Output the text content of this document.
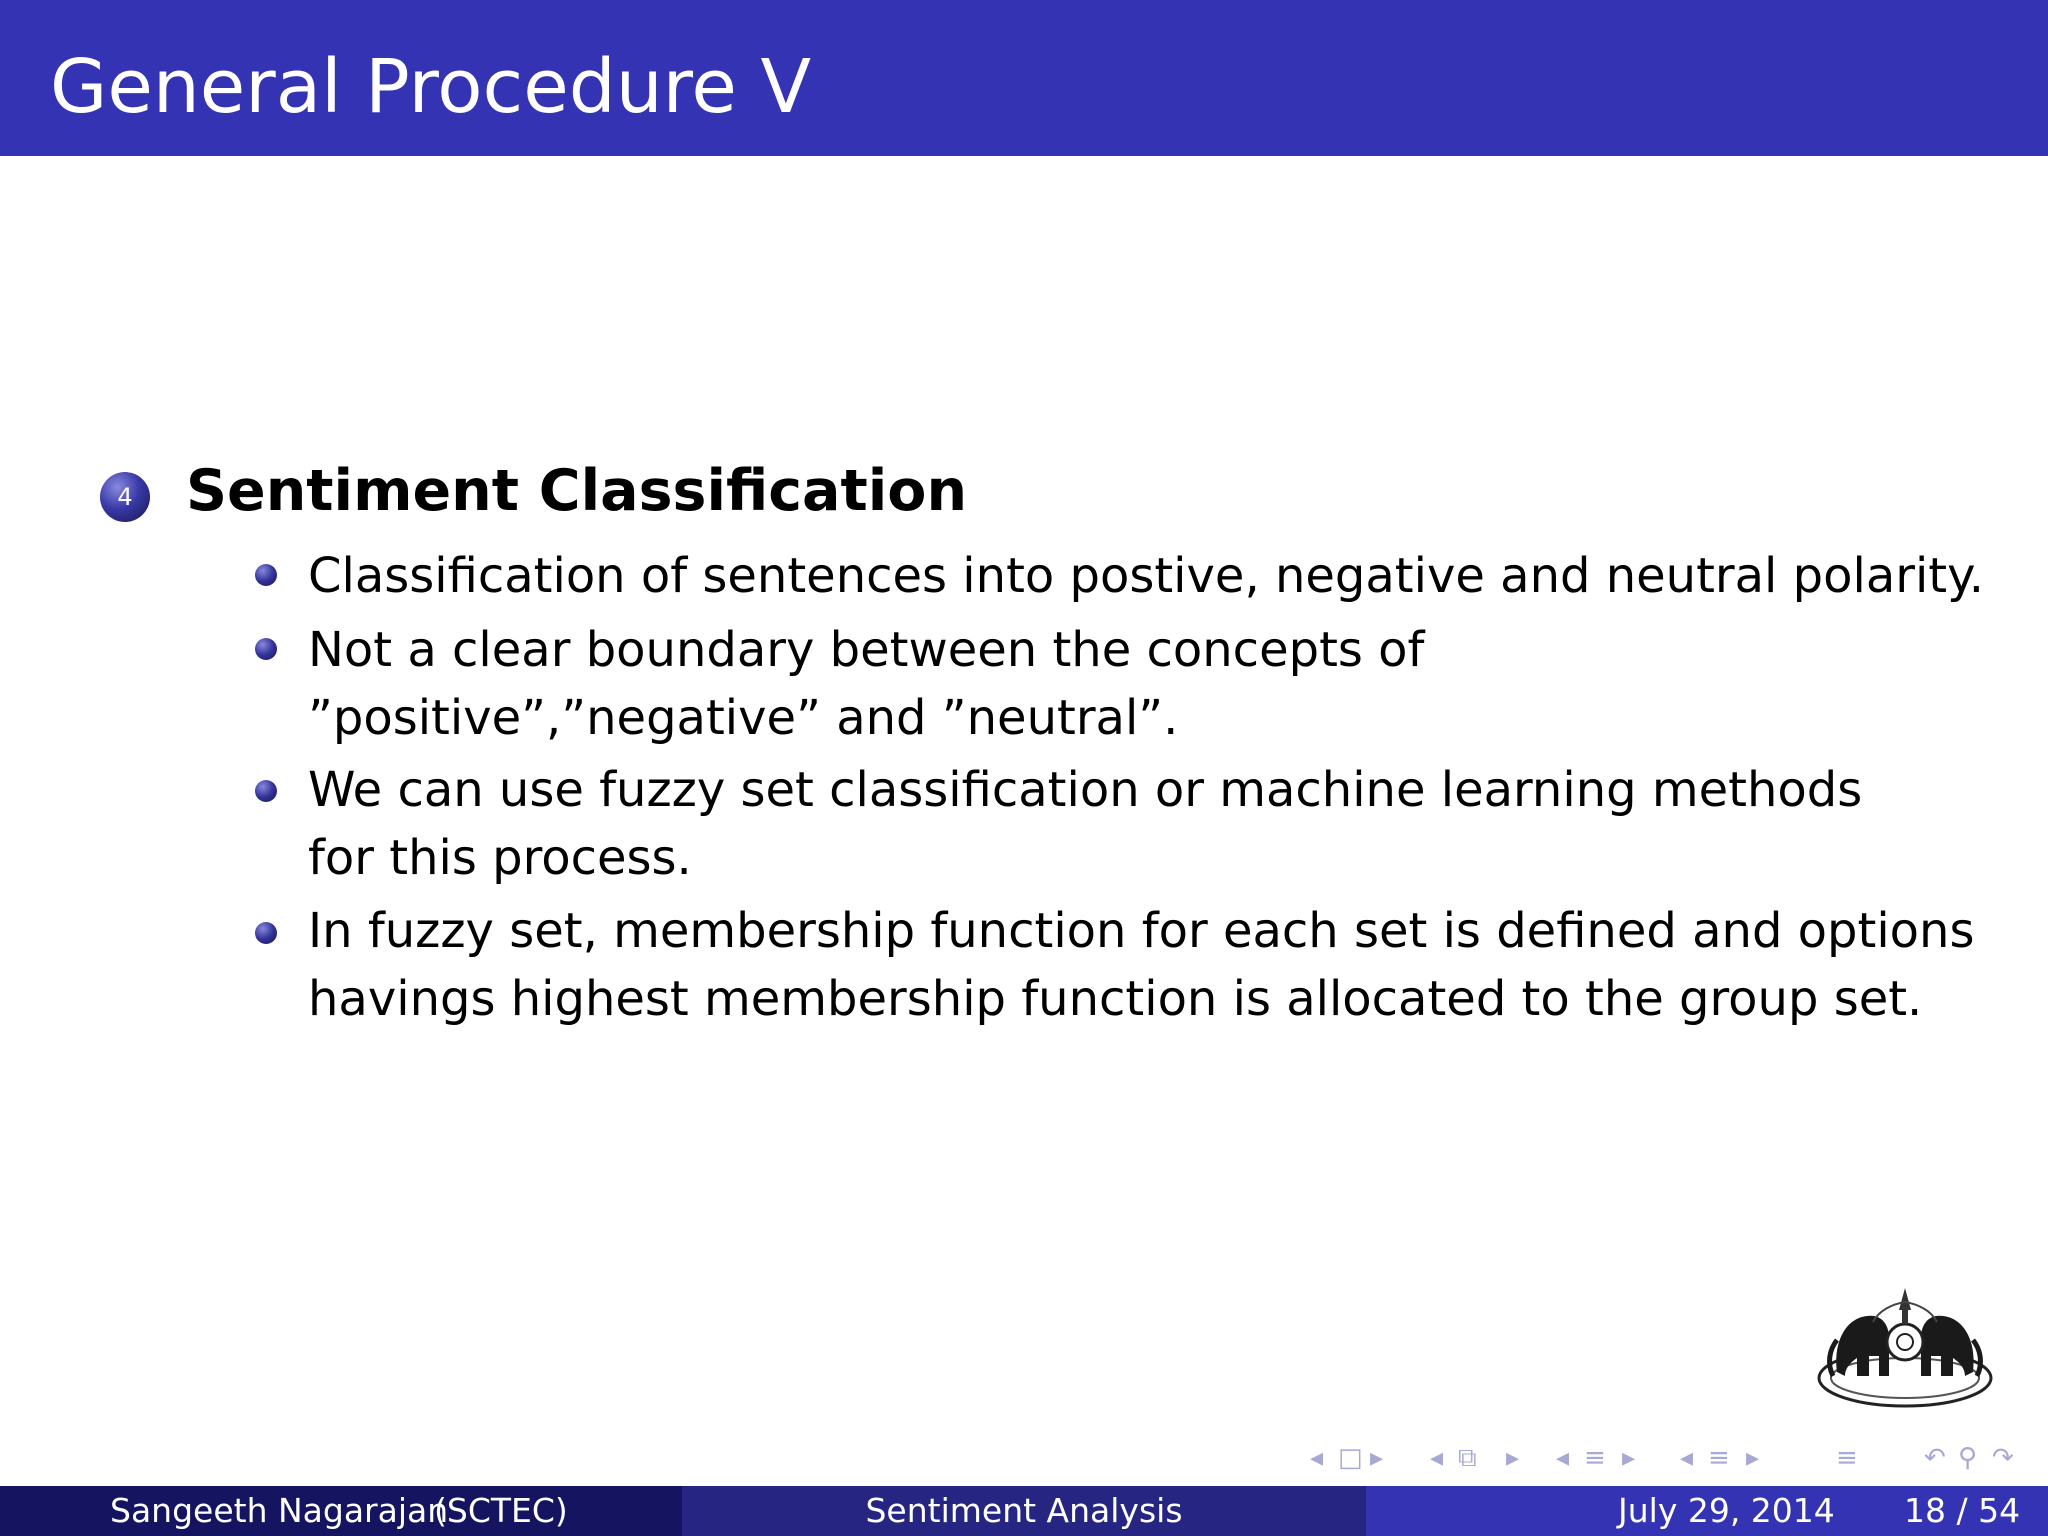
General Procedure V
4 Sentiment Classification
Classification of sentences into postive, negative and neutral polarity.
Not a clear boundary between the concepts of ”positive”,”negative” and ”neutral”.
We can use fuzzy set classification or machine learning methods for this process.
In fuzzy set, membership function for each set is defined and options havings highest membership function is allocated to the group set.
◂ □ ▸ ◂ ⧉ ▸ ◂ ≡ ▸ ◂ ≡ ▸	≡	↶ ⚲ ↷
Sangeeth Nagarajan
(SCTEC)	Sentiment Analysis	July 29, 2014 18 / 54
